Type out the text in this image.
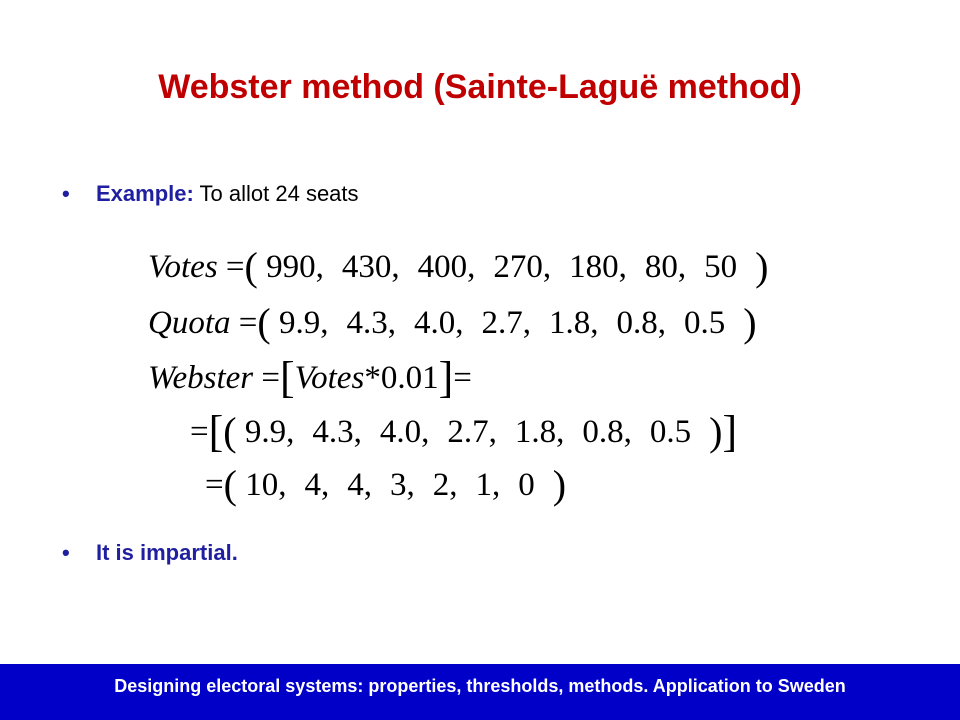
Webster method (Sainte-Laguë method)
• Example: To allot 24 seats
Votes =( 990, 430, 400, 270, 180, 80, 50 )
Quota =( 9.9, 4.3, 4.0, 2.7, 1.8, 0.8, 0.5 )
Webster =[Votes*0.01]=
=[( 9.9, 4.3, 4.0, 2.7, 1.8, 0.8, 0.5 )]
=( 10, 4, 4, 3, 2, 1, 0 )
• It is impartial.
Designing electoral systems: properties, thresholds, methods. Application to Sweden
